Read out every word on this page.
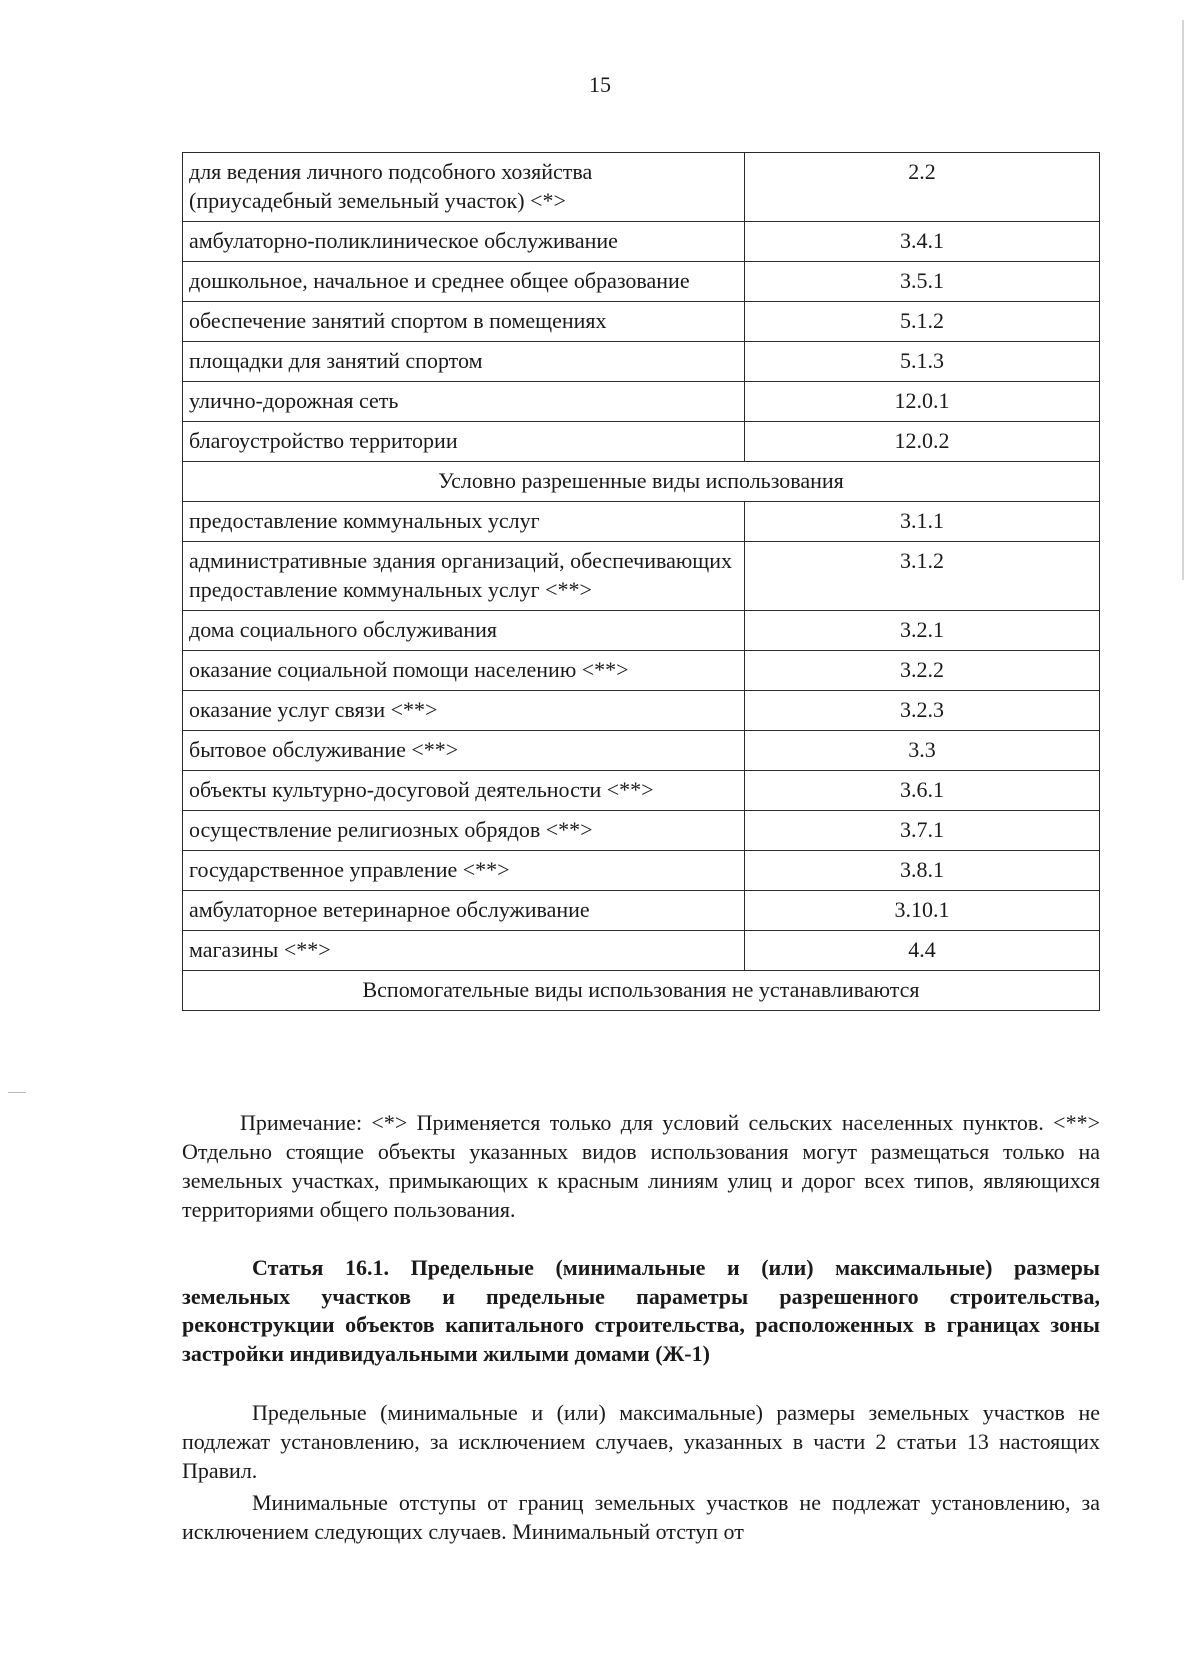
15
для ведения личного подсобного хозяйства (приусадебный земельный участок) <*>	2.2
амбулаторно-поликлиническое обслуживание	3.4.1
дошкольное, начальное и среднее общее образование	3.5.1
обеспечение занятий спортом в помещениях	5.1.2
площадки для занятий спортом	5.1.3
улично-дорожная сеть	12.0.1
благоустройство территории	12.0.2
Условно разрешенные виды использования	
предоставление коммунальных услуг	3.1.1
административные здания организаций, обеспечивающих предоставление коммунальных услуг <**>	3.1.2
дома социального обслуживания	3.2.1
оказание социальной помощи населению <**>	3.2.2
оказание услуг связи <**>	3.2.3
бытовое обслуживание <**>	3.3
объекты культурно-досуговой деятельности <**>	3.6.1
осуществление религиозных обрядов <**>	3.7.1
государственное управление <**>	3.8.1
амбулаторное ветеринарное обслуживание	3.10.1
магазины <**>	4.4
Вспомогательные виды использования не устанавливаются	
Примечание: <*> Применяется только для условий сельских населенных пунктов. <**> Отдельно стоящие объекты указанных видов использования могут размещаться только на земельных участках, примыкающих к красным линиям улиц и дорог всех типов, являющихся территориями общего пользования.
Статья 16.1. Предельные (минимальные и (или) максимальные) размеры земельных участков и предельные параметры разрешенного строительства, реконструкции объектов капитального строительства, расположенных в границах зоны застройки индивидуальными жилыми домами (Ж-1)
Предельные (минимальные и (или) максимальные) размеры земельных участков не подлежат установлению, за исключением случаев, указанных в части 2 статьи 13 настоящих Правил.
Минимальные отступы от границ земельных участков не подлежат установлению, за исключением следующих случаев. Минимальный отступ от
